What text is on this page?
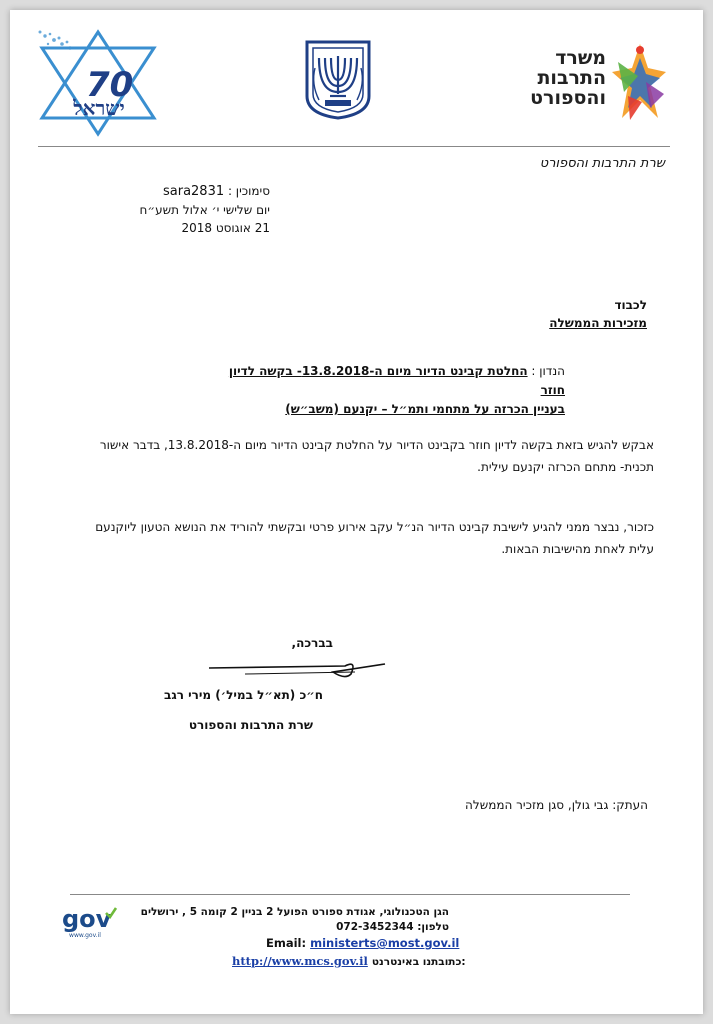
70
ישראל
משרד
התרבות
והספורט
שרת התרבות והספורט
סימוכין : sara2831
יום שלישי י׳ אלול תשע״ח
21 אוגוסט 2018
לכבוד
מזכירות הממשלה
הנדון : החלטת קבינט הדיור מיום ה-13.8.2018- בקשה לדיון חוזר
בעניין הכרזה על מתחמי ותמ״ל – יקנעם (משב״ש)
אבקש להגיש בזאת בקשה לדיון חוזר בקבינט הדיור על החלטת קבינט הדיור מיום ה-13.8.2018, בדבר אישור
תכנית- מתחם הכרזה יקנעם עילית.
כזכור, נבצר ממני להגיע לישיבת קבינט הדיור הנ״ל עקב אירוע פרטי ובקשתי להוריד את הנושא הטעון ליוקנעם
עלית לאחת מהישיבות הבאות.
בברכה,
ח״כ (תא״ל במיל׳) מירי רגב
שרת התרבות והספורט
העתק: גבי גולן, סגן מזכיר הממשלה
gov
www.gov.il
הגן הטכנולוגי, אגודת ספורט הפועל 2 בניין 2 קומה 5 , ירושלים
טלפון: 072-3452344
Email: ministerts@most.gov.il
http://www.mcs.gov.il כתובתנו באינטרנט:
